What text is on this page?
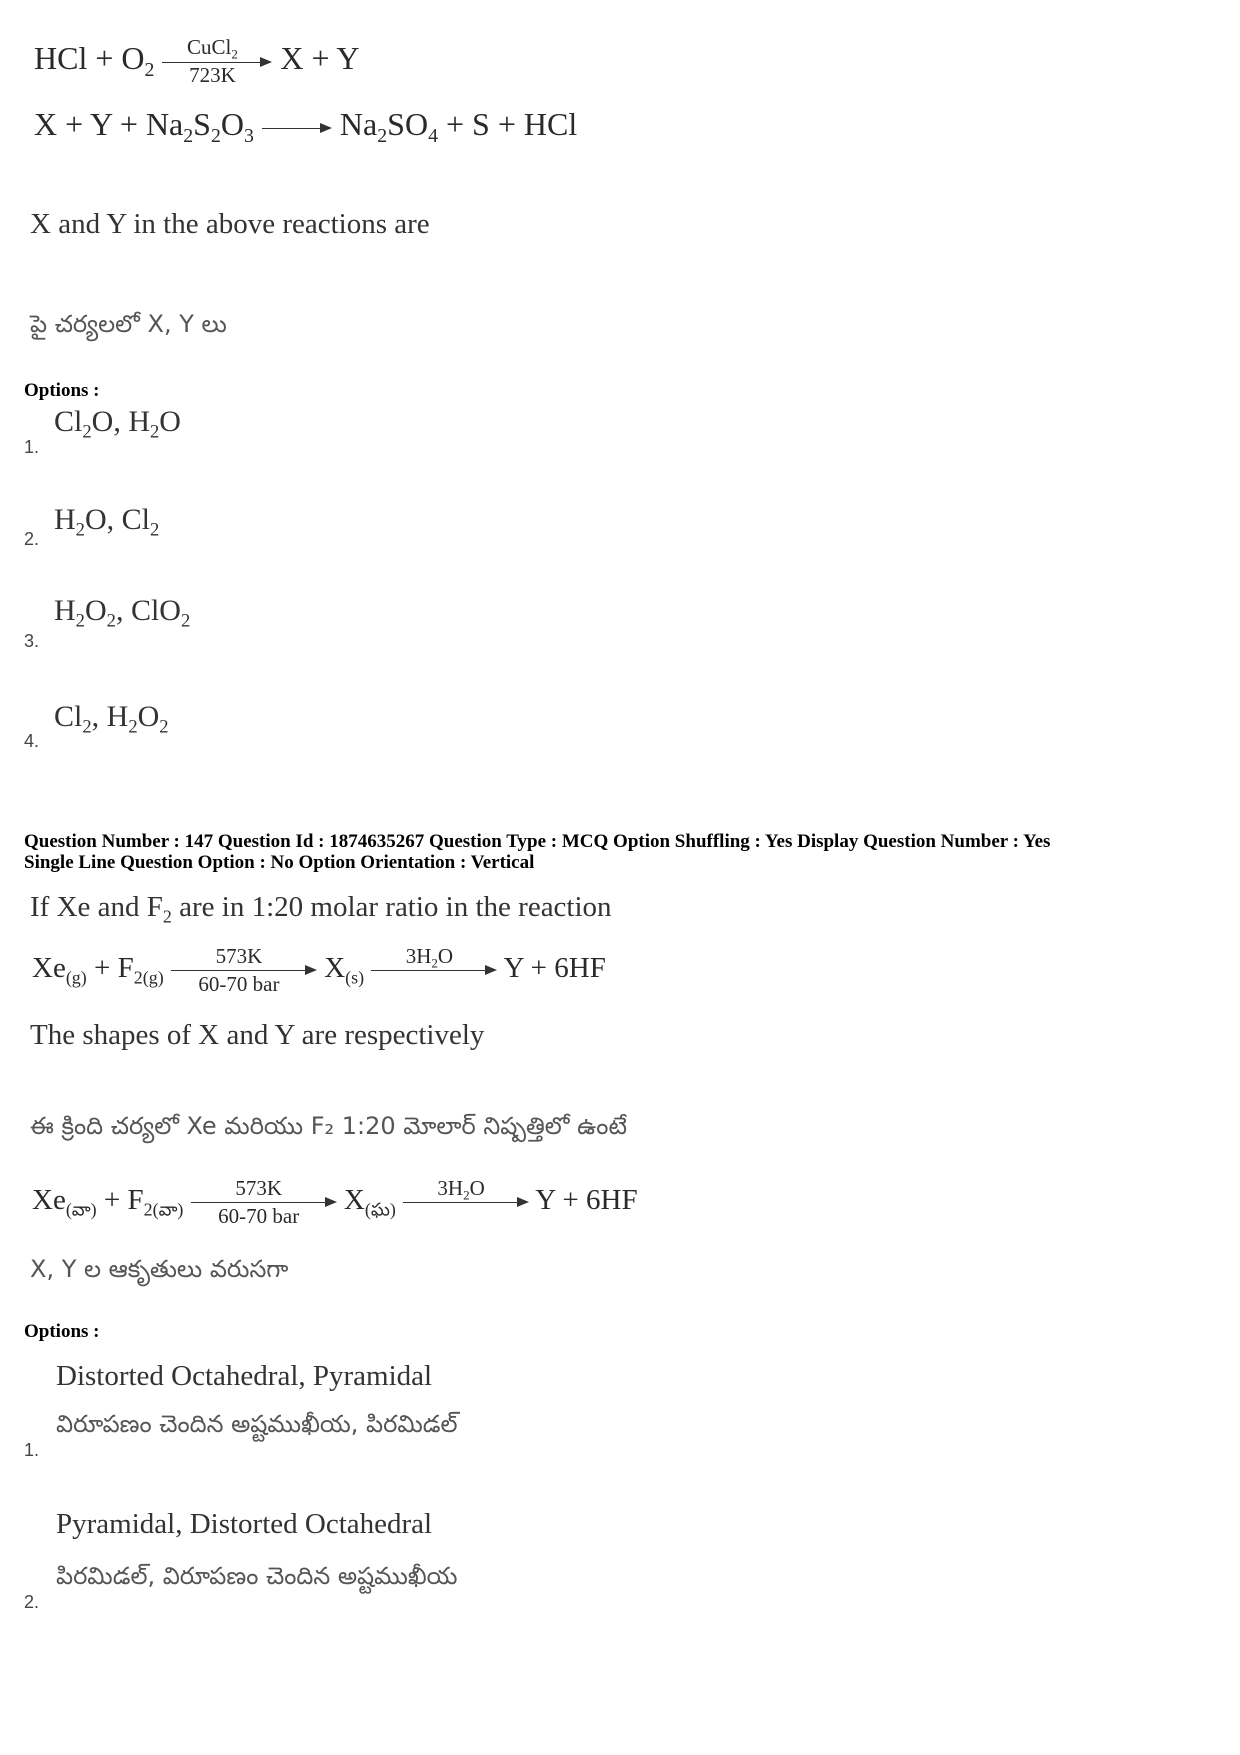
HCl + $O_2$
CuCl$_2$
723K	X + Y
$X + Y + Na_2S_2O_3$	$Na_2SO_4 + S$ + HCl
X and Y in the above reactions are
పై చర్యలలో X, Y లు
Options :
$Cl_2O$, $H_2O$
1.
$H_2O$, $Cl_2$
2.
$H_2O_2$, ClO$_2$
3.
$Cl_2$, $H_2O_2$
4.
Question Number : 147 Question Id : 1874635267 Question Type : MCQ Option Shuffling : Yes Display Question Number : Yes
Single Line Question Option : No Option Orientation : Vertical
If Xe and $F_2$ are in 1:20 molar ratio in the reaction
$Xe_{(g)} + F_{2(g)}$
573K
60-70 bar
$X_{(s)}$
$3H_2O$	Y + 6HF
The shapes of X and Y are respectively
ఈ క్రింది చర్యలో Xe మరియు F₂ 1:20 మోలార్ నిష్పత్తిలో ఉంటే
$Xe_{(వా)} + F_{2(వా)}$
573K
60-70 bar
$X_{(ఘ)}$
$3H_2O$	Y + 6HF
X, Y ల ఆకృతులు వరుసగా
Options :
Distorted Octahedral, Pyramidal
విరూపణం చెందిన అష్టముఖీయ, పిరమిడల్
1.
Pyramidal, Distorted Octahedral
పిరమిడల్, విరూపణం చెందిన అష్టముఖీయ
2.
